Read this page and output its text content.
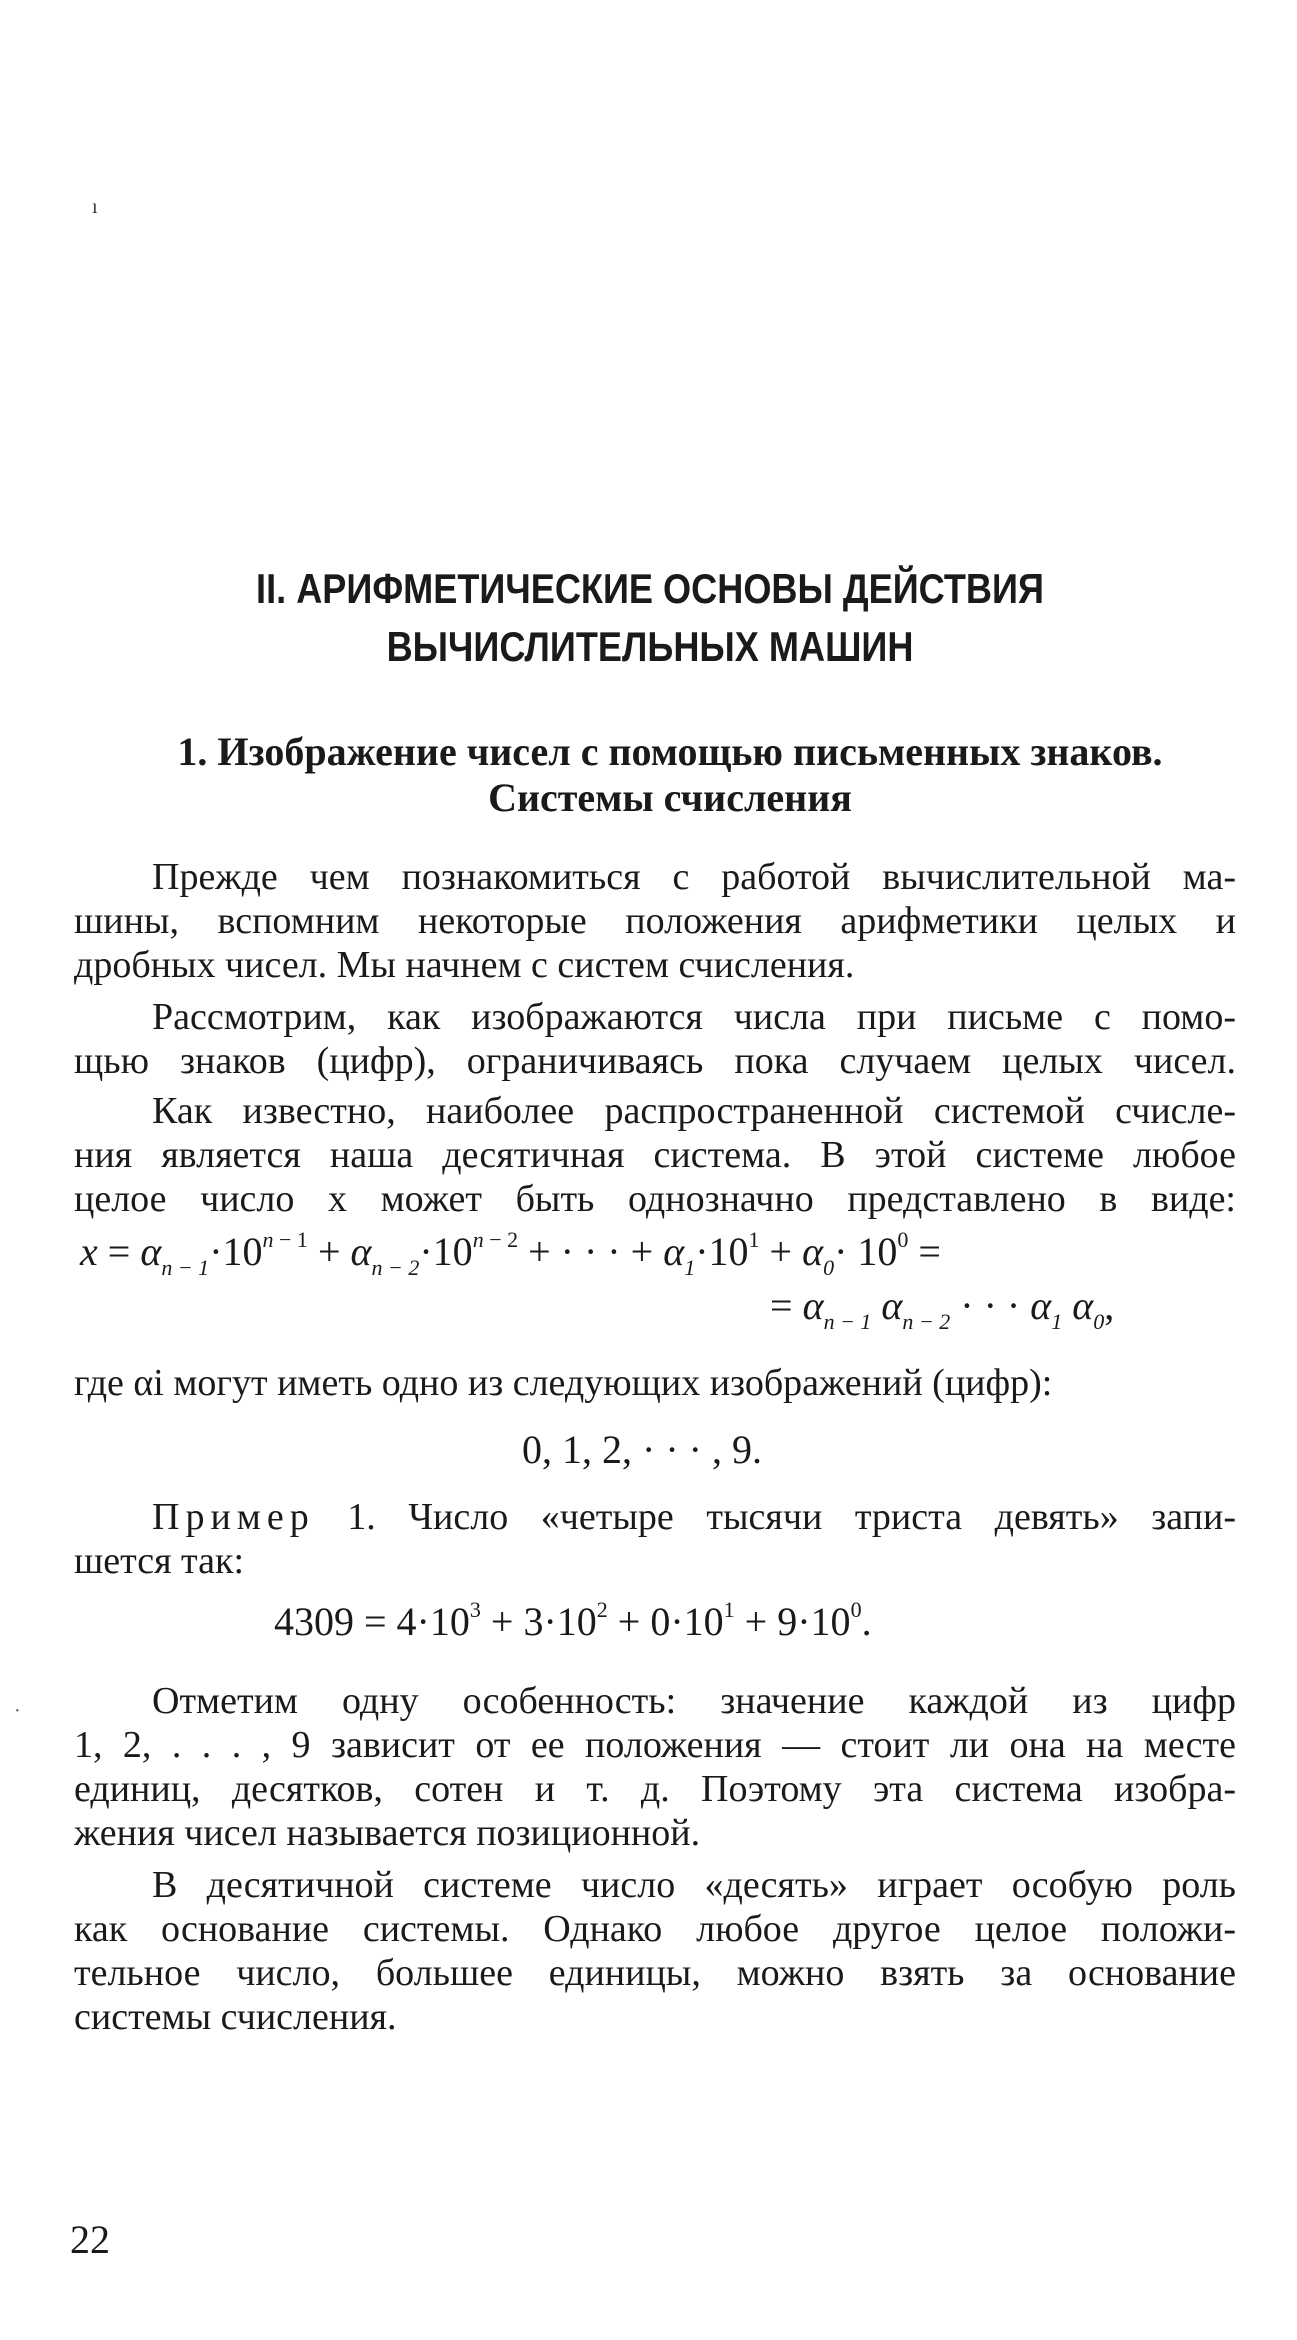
ı
·
II. АРИФМЕТИЧЕСКИЕ ОСНОВЫ ДЕЙСТВИЯ
ВЫЧИСЛИТЕЛЬНЫХ МАШИН
1. Изображение чисел с помощью письменных знаков.
Системы счисления
Прежде чем познакомиться с работой вычислительной ма-
шины, вспомним некоторые положения арифметики целых и
дробных чисел. Мы начнем с систем счисления.
Рассмотрим, как изображаются числа при письме с помо-
щью знаков (цифр), ограничиваясь пока случаем целых чисел.
Как известно, наиболее распространенной системой счисле-
ния является наша десятичная система. В этой системе любое
целое число x может быть однозначно представлено в виде:
$x = \alpha_{n - 1}\cdot 10^{n - 1} + \alpha_{n - 2}\cdot 10^{n - 2}$ + · · · + $\alpha_1\cdot 10^1 + \alpha_0\cdot 10^0$ =
= $\alpha_{n - 1}$ $\alpha_{n - 2}$ · · · $\alpha_1$ $\alpha_0$,
где αi могут иметь одно из следующих изображений (цифр):
0, 1, 2, · · · , 9.
Пример 1. Число «четыре тысячи триста девять» запи-
шется так:
$4309 = 4\cdot 10^3 + 3\cdot 10^2 + 0\cdot 10^1 + 9\cdot 10^0$.
Отметим одну особенность: значение каждой из цифр
1, 2, . . . , 9 зависит от ее положения — стоит ли она на месте
единиц, десятков, сотен и т. д. Поэтому эта система изобра-
жения чисел называется позиционной.
В десятичной системе число «десять» играет особую роль
как основание системы. Однако любое другое целое положи-
тельное число, большее единицы, можно взять за основание
системы счисления.
22
